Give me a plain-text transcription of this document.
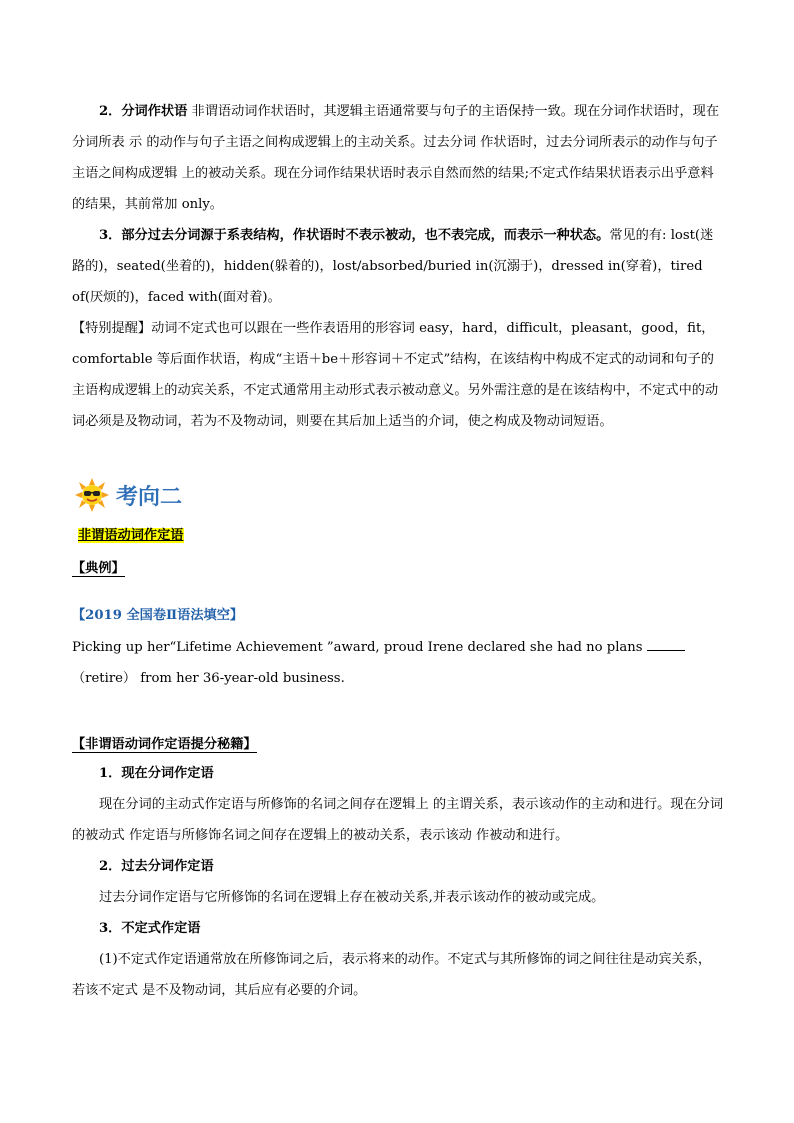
2．分词作状语 非谓语动词作状语时，其逻辑主语通常要与句子的主语保持一致。现在分词作状语时，现在分词所表 示 的动作与句子主语之间构成逻辑上的主动关系。过去分词 作状语时，过去分词所表示的动作与句子主语之间构成逻辑 上的被动关系。现在分词作结果状语时表示自然而然的结果;不定式作结果状语表示出乎意料的结果，其前常加 only。

3．部分过去分词源于系表结构，作状语时不表示被动，也不表完成，而表示一种状态。常见的有: lost(迷路的)，seated(坐着的)，hidden(躲着的)，lost/absorbed/buried in(沉溺于)，dressed in(穿着)，tired of(厌烦的)，faced with(面对着)。

【特别提醒】动词不定式也可以跟在一些作表语用的形容词 easy，hard，difficult，pleasant，good，fit，comfortable 等后面作状语，构成“主语＋be＋形容词＋不定式”结构，在该结构中构成不定式的动词和句子的主语构成逻辑上的动宾关系，不定式通常用主动形式表示被动意义。另外需注意的是在该结构中，不定式中的动词必须是及物动词，若为不及物动词，则要在其后加上适当的介词，使之构成及物动词短语。

考向二
非谓语动词作定语
【典例】
【2019 全国卷Ⅱ语法填空】
Picking up her“Lifetime Achievement ”award, proud Irene declared she had no plans （retire） from her 36-year-old business.
【非谓语动词作定语提分秘籍】

1．现在分词作定语

现在分词的主动式作定语与所修饰的名词之间存在逻辑上 的主谓关系，表示该动作的主动和进行。现在分词的被动式 作定语与所修饰名词之间存在逻辑上的被动关系，表示该动 作被动和进行。

2．过去分词作定语

过去分词作定语与它所修饰的名词在逻辑上存在被动关系,并表示该动作的被动或完成。

3．不定式作定语

(1)不定式作定语通常放在所修饰词之后，表示将来的动作。不定式与其所修饰的词之间往往是动宾关系，若该不定式 是不及物动词，其后应有必要的介词。
